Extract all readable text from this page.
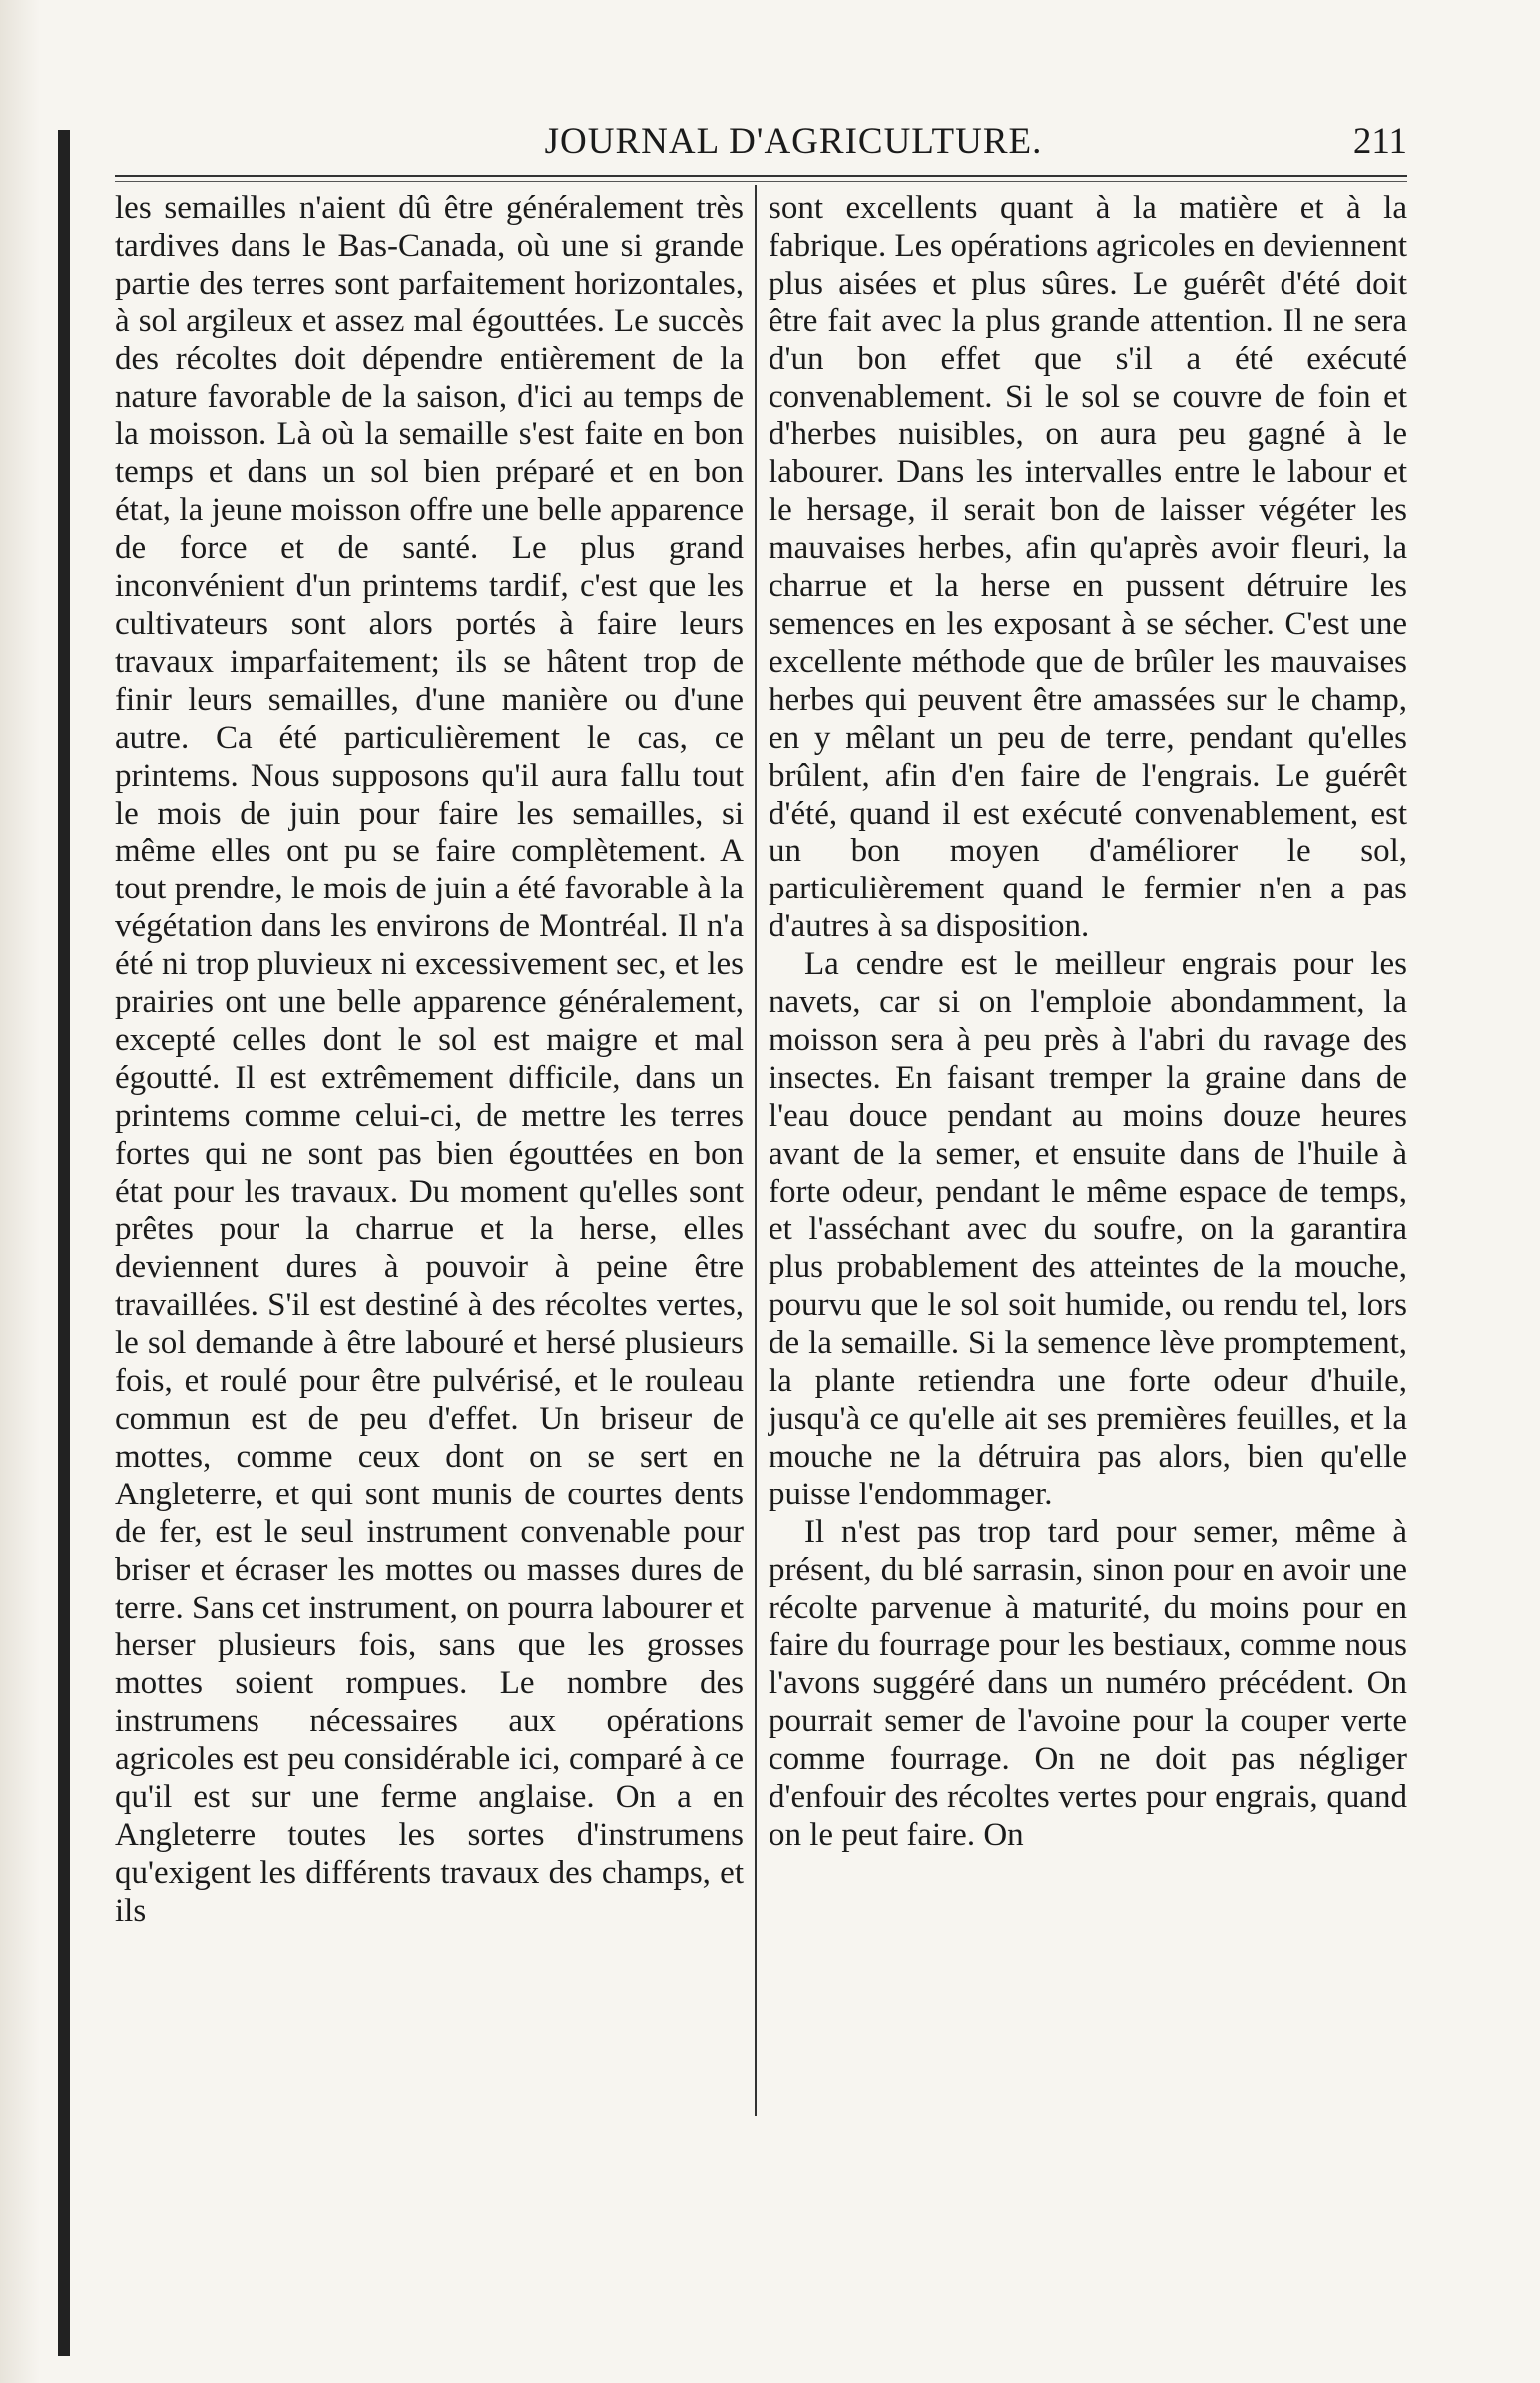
JOURNAL D'AGRICULTURE.	211

les semailles n'aient dû être généralement très tardives dans le Bas-Canada, où une si grande partie des terres sont parfaitement horizontales, à sol argileux et assez mal égouttées. Le succès des récoltes doit dépendre entièrement de la nature favorable de la saison, d'ici au temps de la moisson. Là où la semaille s'est faite en bon temps et dans un sol bien préparé et en bon état, la jeune moisson offre une belle apparence de force et de santé. Le plus grand inconvénient d'un printems tardif, c'est que les cultivateurs sont alors portés à faire leurs travaux imparfaitement; ils se hâtent trop de finir leurs semailles, d'une manière ou d'une autre. Ca été particulièrement le cas, ce printems. Nous supposons qu'il aura fallu tout le mois de juin pour faire les semailles, si même elles ont pu se faire complètement. A tout prendre, le mois de juin a été favorable à la végétation dans les environs de Montréal. Il n'a été ni trop pluvieux ni excessivement sec, et les prairies ont une belle apparence généralement, excepté celles dont le sol est maigre et mal égoutté. Il est extrêmement difficile, dans un printems comme celui-ci, de mettre les terres fortes qui ne sont pas bien égouttées en bon état pour les travaux. Du moment qu'elles sont prêtes pour la charrue et la herse, elles deviennent dures à pouvoir à peine être travaillées. S'il est destiné à des récoltes vertes, le sol demande à être labouré et hersé plusieurs fois, et roulé pour être pulvérisé, et le rouleau commun est de peu d'effet. Un briseur de mottes, comme ceux dont on se sert en Angleterre, et qui sont munis de courtes dents de fer, est le seul instrument convenable pour briser et écraser les mottes ou masses dures de terre. Sans cet instrument, on pourra labourer et herser plusieurs fois, sans que les grosses mottes soient rompues. Le nombre des instrumens nécessaires aux opérations agricoles est peu considérable ici, comparé à ce qu'il est sur une ferme anglaise. On a en Angleterre toutes les sortes d'instrumens qu'exigent les différents travaux des champs, et ils

sont excellents quant à la matière et à la fabrique. Les opérations agricoles en deviennent plus aisées et plus sûres. Le guérêt d'été doit être fait avec la plus grande attention. Il ne sera d'un bon effet que s'il a été exécuté convenablement. Si le sol se couvre de foin et d'herbes nuisibles, on aura peu gagné à le labourer. Dans les intervalles entre le labour et le hersage, il serait bon de laisser végéter les mauvaises herbes, afin qu'après avoir fleuri, la charrue et la herse en pussent détruire les semences en les exposant à se sécher. C'est une excellente méthode que de brûler les mauvaises herbes qui peuvent être amassées sur le champ, en y mêlant un peu de terre, pendant qu'elles brûlent, afin d'en faire de l'engrais. Le guérêt d'été, quand il est exécuté convenablement, est un bon moyen d'améliorer le sol, particulièrement quand le fermier n'en a pas d'autres à sa disposition.

La cendre est le meilleur engrais pour les navets, car si on l'emploie abondamment, la moisson sera à peu près à l'abri du ravage des insectes. En faisant tremper la graine dans de l'eau douce pendant au moins douze heures avant de la semer, et ensuite dans de l'huile à forte odeur, pendant le même espace de temps, et l'asséchant avec du soufre, on la garantira plus probablement des atteintes de la mouche, pourvu que le sol soit humide, ou rendu tel, lors de la semaille. Si la semence lève promptement, la plante retiendra une forte odeur d'huile, jusqu'à ce qu'elle ait ses premières feuilles, et la mouche ne la détruira pas alors, bien qu'elle puisse l'endommager.

Il n'est pas trop tard pour semer, même à présent, du blé sarrasin, sinon pour en avoir une récolte parvenue à maturité, du moins pour en faire du fourrage pour les bestiaux, comme nous l'avons suggéré dans un numéro précédent. On pourrait semer de l'avoine pour la couper verte comme fourrage. On ne doit pas négliger d'enfouir des récoltes vertes pour engrais, quand on le peut faire. On
